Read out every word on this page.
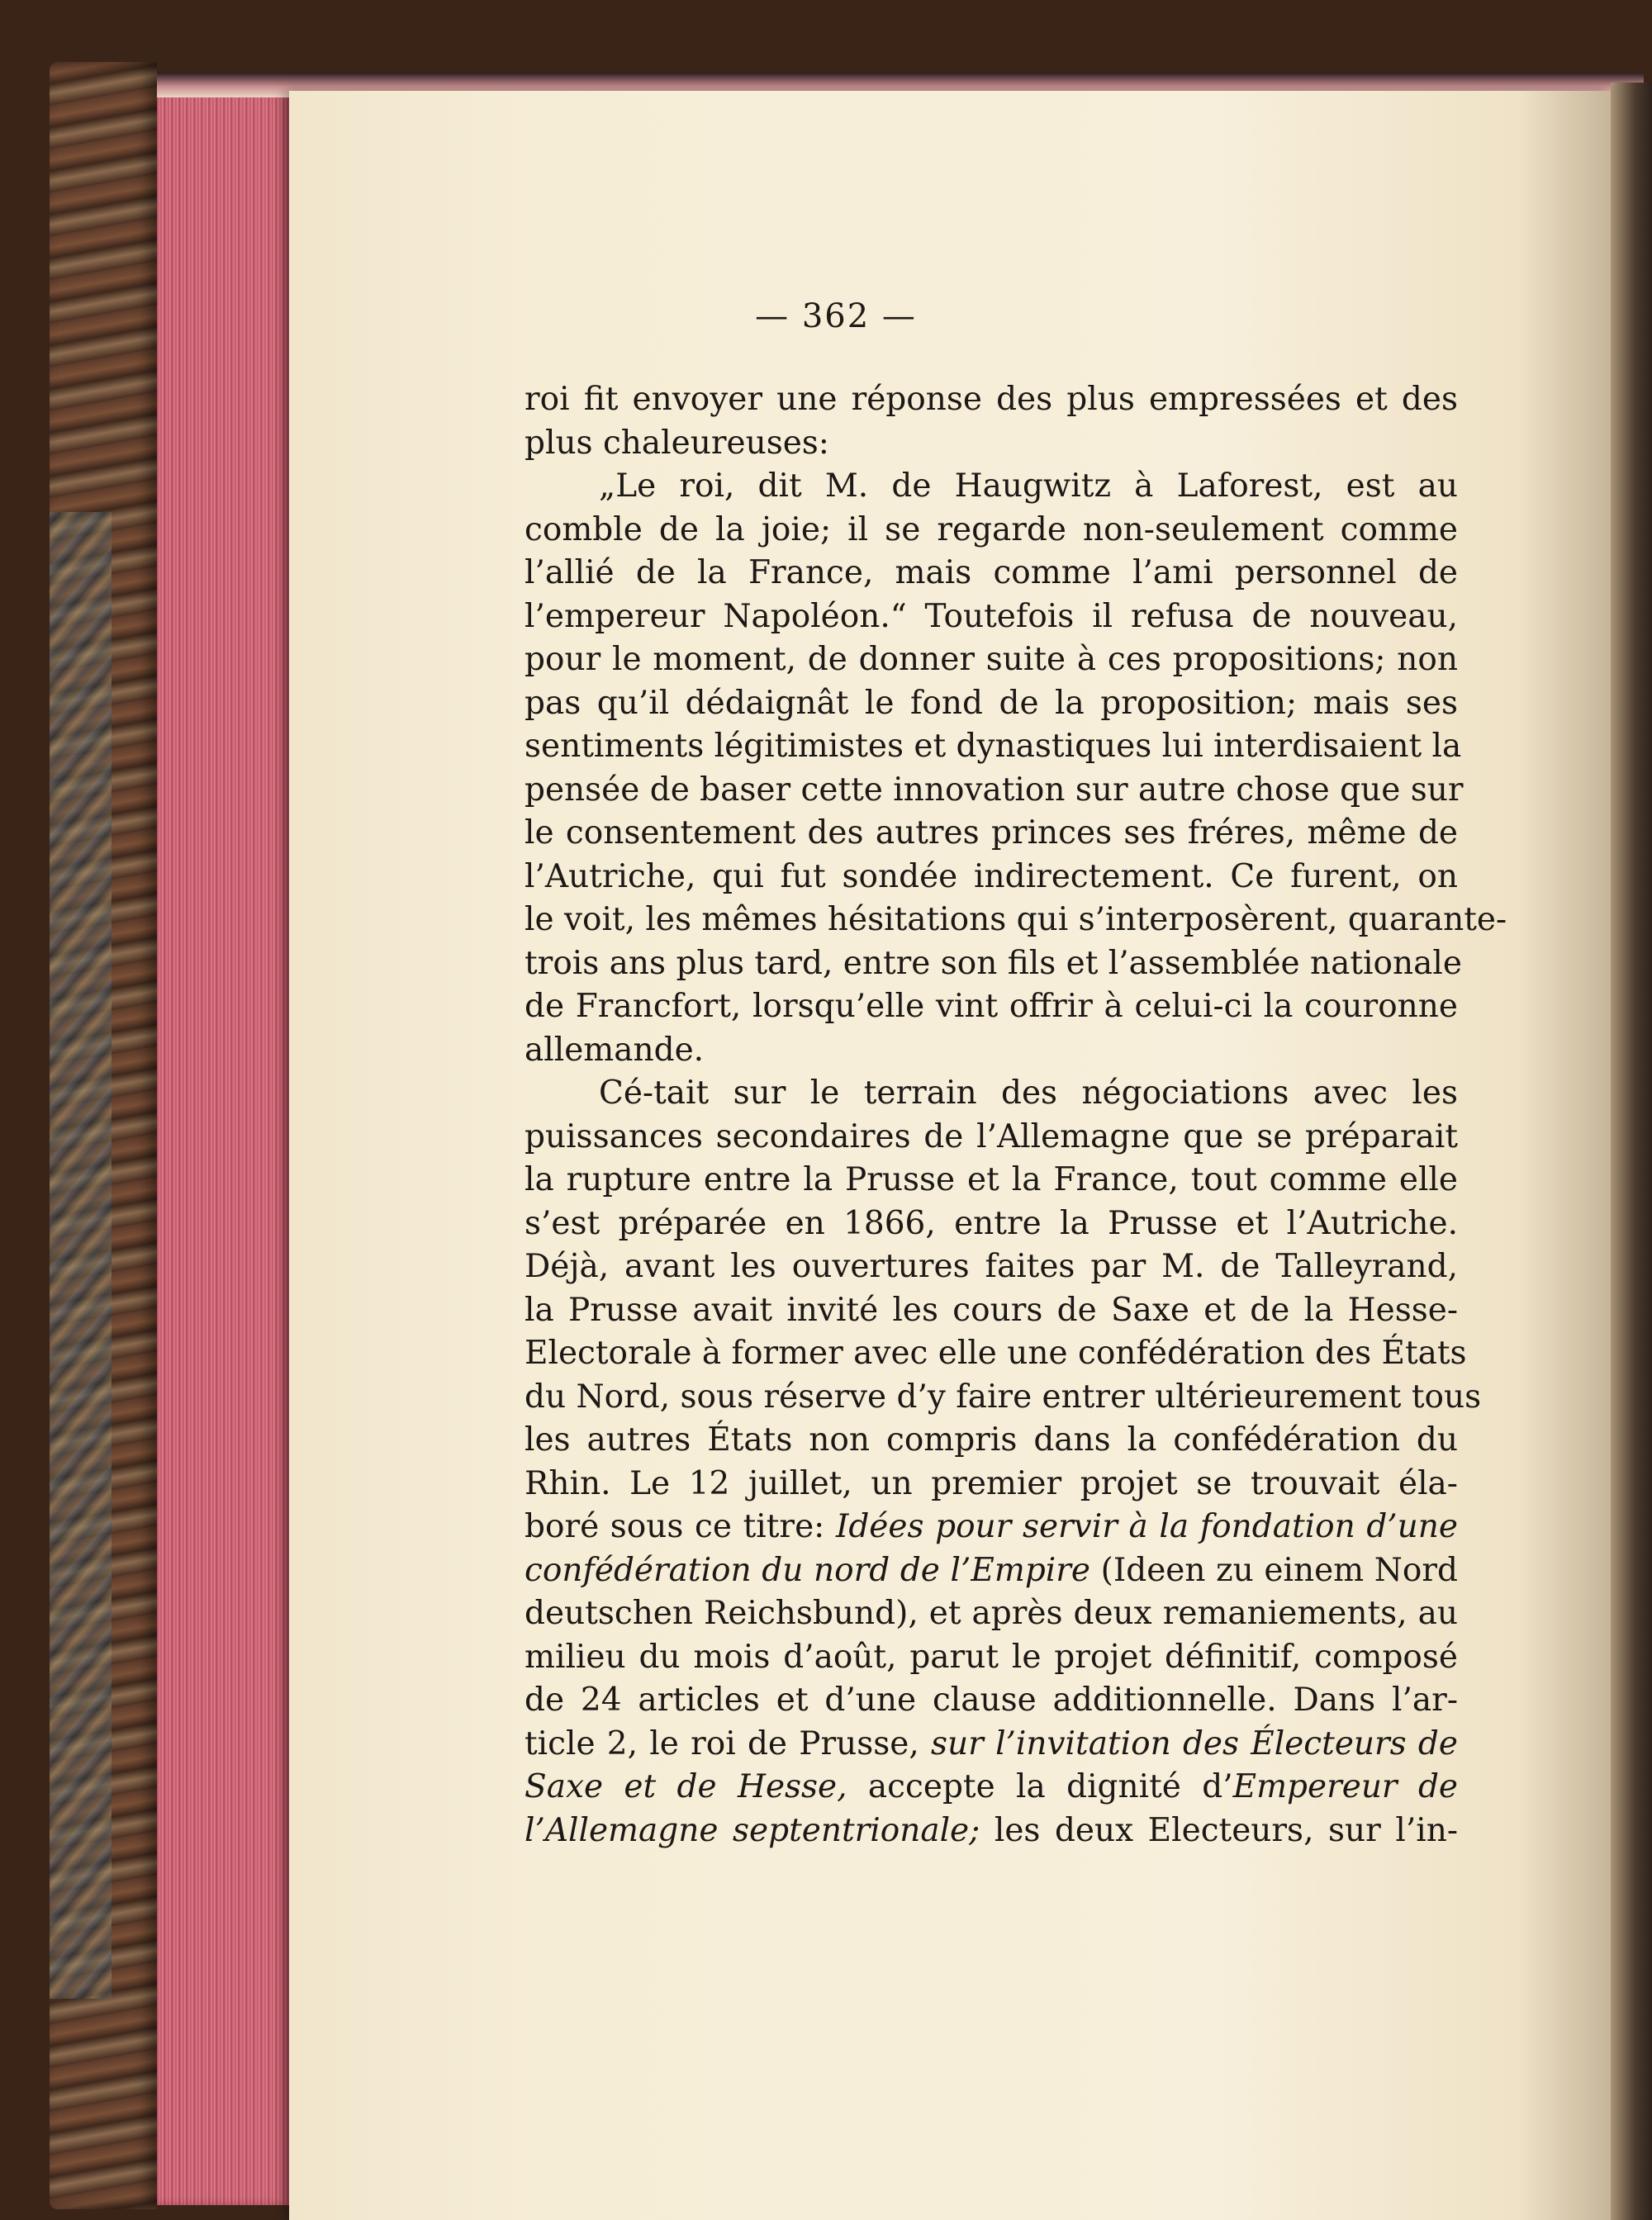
— 362 —
roi fit envoyer une réponse des plus empressées et des
plus chaleureuses:
„Le roi, dit M. de Haugwitz à Laforest, est au
comble de la joie; il se regarde non-seulement comme
l’allié de la France, mais comme l’ami personnel de
l’empereur Napoléon.“ Toutefois il refusa de nouveau,
pour le moment, de donner suite à ces propositions; non
pas qu’il dédaignât le fond de la proposition; mais ses
sentiments légitimistes et dynastiques lui interdisaient la
pensée de baser cette innovation sur autre chose que sur
le consentement des autres princes ses fréres, même de
l’Autriche, qui fut sondée indirectement. Ce furent, on
le voit, les mêmes hésitations qui s’interposèrent, quarante-
trois ans plus tard, entre son fils et l’assemblée nationale
de Francfort, lorsqu’elle vint offrir à celui-ci la couronne
allemande.
Cé-tait sur le terrain des négociations avec les
puissances secondaires de l’Allemagne que se préparait
la rupture entre la Prusse et la France, tout comme elle
s’est préparée en 1866, entre la Prusse et l’Autriche.
Déjà, avant les ouvertures faites par M. de Talleyrand,
la Prusse avait invité les cours de Saxe et de la Hesse-
Electorale à former avec elle une confédération des États
du Nord, sous réserve d’y faire entrer ultérieurement tous
les autres États non compris dans la confédération du
Rhin. Le 12 juillet, un premier projet se trouvait éla-
boré sous ce titre: Idées pour servir à la fondation d’une
confédération du nord de l’Empire (Ideen zu einem Nord
deutschen Reichsbund), et après deux remaniements, au
milieu du mois d’août, parut le projet définitif, composé
de 24 articles et d’une clause additionnelle. Dans l’ar-
ticle 2, le roi de Prusse, sur l’invitation des Électeurs de
Saxe et de Hesse, accepte la dignité d’Empereur de
l’Allemagne septentrionale; les deux Electeurs, sur l’in-
